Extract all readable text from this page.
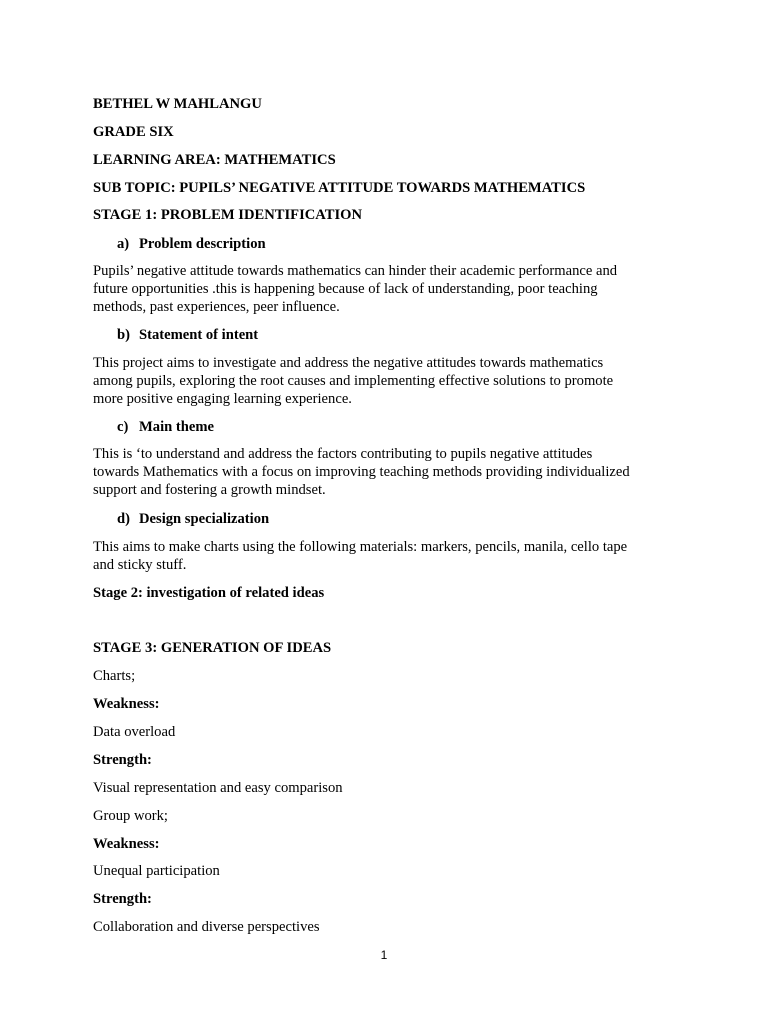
BETHEL W MAHLANGU
GRADE SIX
LEARNING AREA: MATHEMATICS
SUB TOPIC: PUPILS’ NEGATIVE ATTITUDE TOWARDS MATHEMATICS
STAGE 1: PROBLEM IDENTIFICATION
a) Problem description
Pupils’ negative attitude towards mathematics can hinder their academic performance and
future opportunities .this is happening because of lack of understanding, poor teaching
methods, past experiences, peer influence.
b) Statement of intent
This project aims to investigate and address the negative attitudes towards mathematics
among pupils, exploring the root causes and implementing effective solutions to promote
more positive engaging learning experience.
c) Main theme
This is ‘to understand and address the factors contributing to pupils negative attitudes
towards Mathematics with a focus on improving teaching methods providing individualized
support and fostering a growth mindset.
d) Design specialization
This aims to make charts using the following materials: markers, pencils, manila, cello tape
and sticky stuff.
Stage 2: investigation of related ideas
STAGE 3: GENERATION OF IDEAS
Charts;
Weakness:
Data overload
Strength:
Visual representation and easy comparison
Group work;
Weakness:
Unequal participation
Strength:
Collaboration and diverse perspectives
1
